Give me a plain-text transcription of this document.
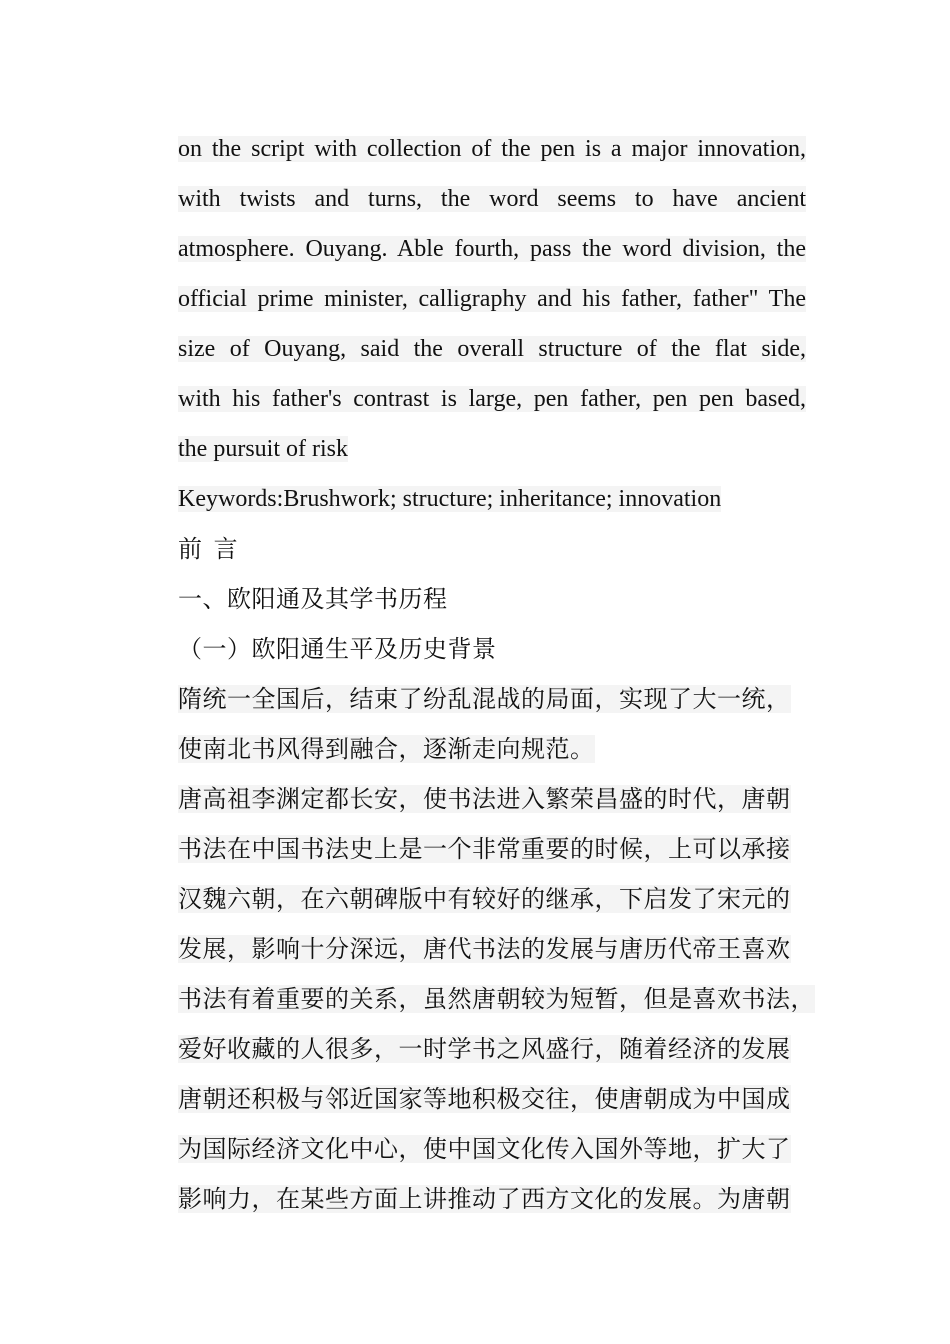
on the script with collection of the pen is a major innovation,
with twists and turns, the word seems to have ancient
atmosphere. Ouyang. Able fourth, pass the word division, the
official prime minister, calligraphy and his father, father" The
size of Ouyang, said the overall structure of the flat side,
with his father's contrast is large, pen father, pen pen based,
the pursuit of risk
Keywords:Brushwork; structure; inheritance; innovation
前 言
一、欧阳通及其学书历程
（一）欧阳通生平及历史背景
隋统一全国后，结束了纷乱混战的局面，实现了大一统，
使南北书风得到融合，逐渐走向规范。
唐高祖李渊定都长安，使书法进入繁荣昌盛的时代，唐朝
书法在中国书法史上是一个非常重要的时候，上可以承接
汉魏六朝，在六朝碑版中有较好的继承，下启发了宋元的
发展，影响十分深远，唐代书法的发展与唐历代帝王喜欢
书法有着重要的关系，虽然唐朝较为短暂，但是喜欢书法，
爱好收藏的人很多，一时学书之风盛行，随着经济的发展
唐朝还积极与邻近国家等地积极交往，使唐朝成为中国成
为国际经济文化中心，使中国文化传入国外等地，扩大了
影响力，在某些方面上讲推动了西方文化的发展。为唐朝
